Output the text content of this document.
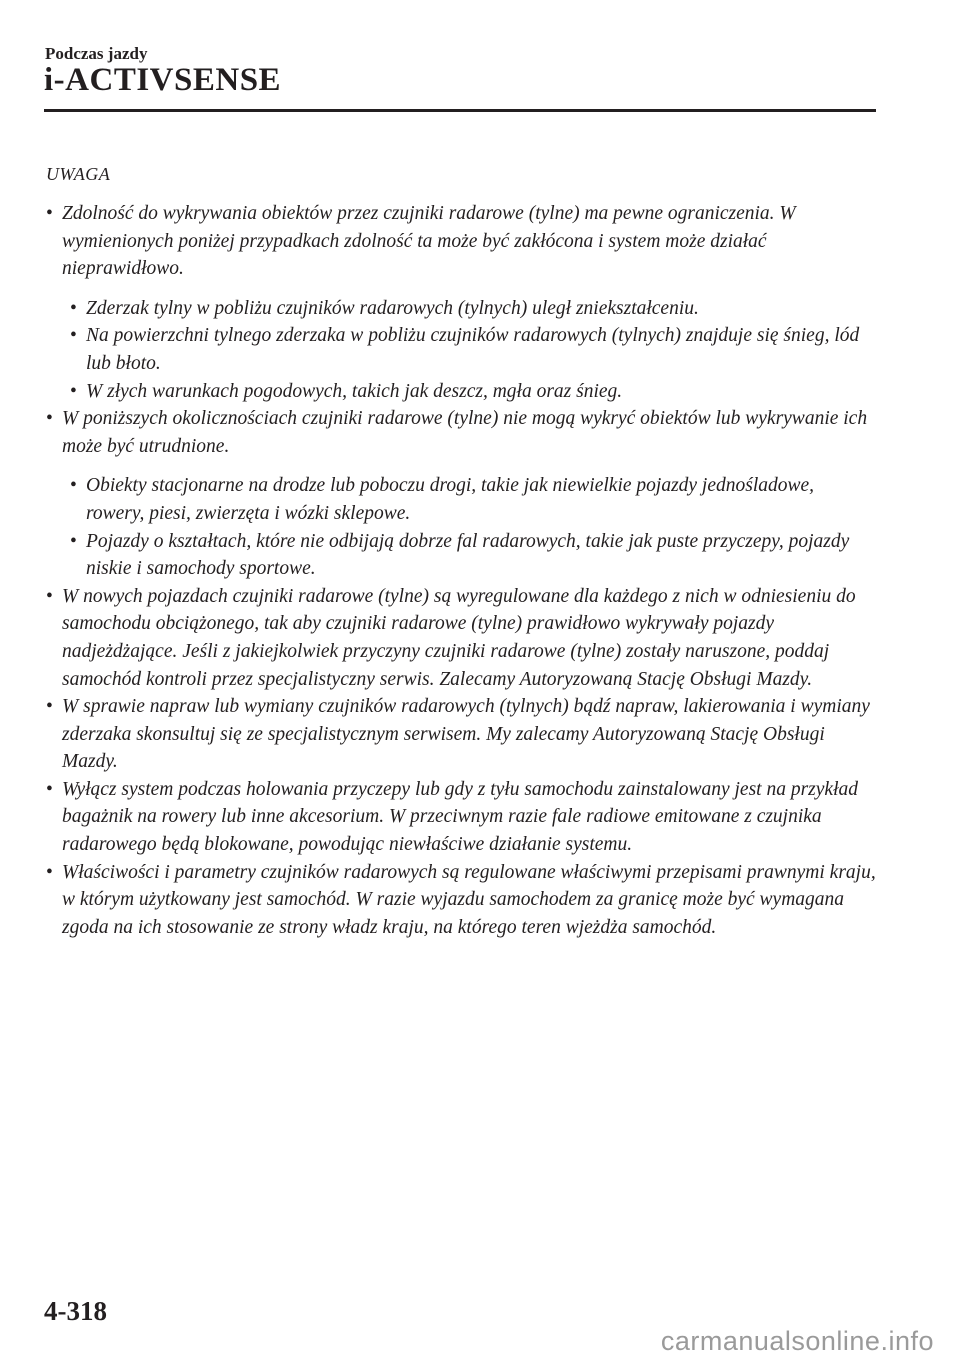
Podczas jazdy
i-ACTIVSENSE
UWAGA
• Zdolność do wykrywania obiektów przez czujniki radarowe (tylne) ma pewne ograniczenia. W wymienionych poniżej przypadkach zdolność ta może być zakłócona i system może działać nieprawidłowo.
• Zderzak tylny w pobliżu czujników radarowych (tylnych) uległ zniekształceniu.
• Na powierzchni tylnego zderzaka w pobliżu czujników radarowych (tylnych) znajduje się śnieg, lód lub błoto.
• W złych warunkach pogodowych, takich jak deszcz, mgła oraz śnieg.
• W poniższych okolicznościach czujniki radarowe (tylne) nie mogą wykryć obiektów lub wykrywanie ich może być utrudnione.
• Obiekty stacjonarne na drodze lub poboczu drogi, takie jak niewielkie pojazdy jednośladowe, rowery, piesi, zwierzęta i wózki sklepowe.
• Pojazdy o kształtach, które nie odbijają dobrze fal radarowych, takie jak puste przyczepy, pojazdy niskie i samochody sportowe.
• W nowych pojazdach czujniki radarowe (tylne) są wyregulowane dla każdego z nich w odniesieniu do samochodu obciążonego, tak aby czujniki radarowe (tylne) prawidłowo wykrywały pojazdy nadjeżdżające. Jeśli z jakiejkolwiek przyczyny czujniki radarowe (tylne) zostały naruszone, poddaj samochód kontroli przez specjalistyczny serwis. Zalecamy Autoryzowaną Stację Obsługi Mazdy.
• W sprawie napraw lub wymiany czujników radarowych (tylnych) bądź napraw, lakierowania i wymiany zderzaka skonsultuj się ze specjalistycznym serwisem. My zalecamy Autoryzowaną Stację Obsługi Mazdy.
• Wyłącz system podczas holowania przyczepy lub gdy z tyłu samochodu zainstalowany jest na przykład bagażnik na rowery lub inne akcesorium. W przeciwnym razie fale radiowe emitowane z czujnika radarowego będą blokowane, powodując niewłaściwe działanie systemu.
• Właściwości i parametry czujników radarowych są regulowane właściwymi przepisami prawnymi kraju, w którym użytkowany jest samochód. W razie wyjazdu samochodem za granicę może być wymagana zgoda na ich stosowanie ze strony władz kraju, na którego teren wjeżdża samochód.
4-318
carmanualsonline.info
